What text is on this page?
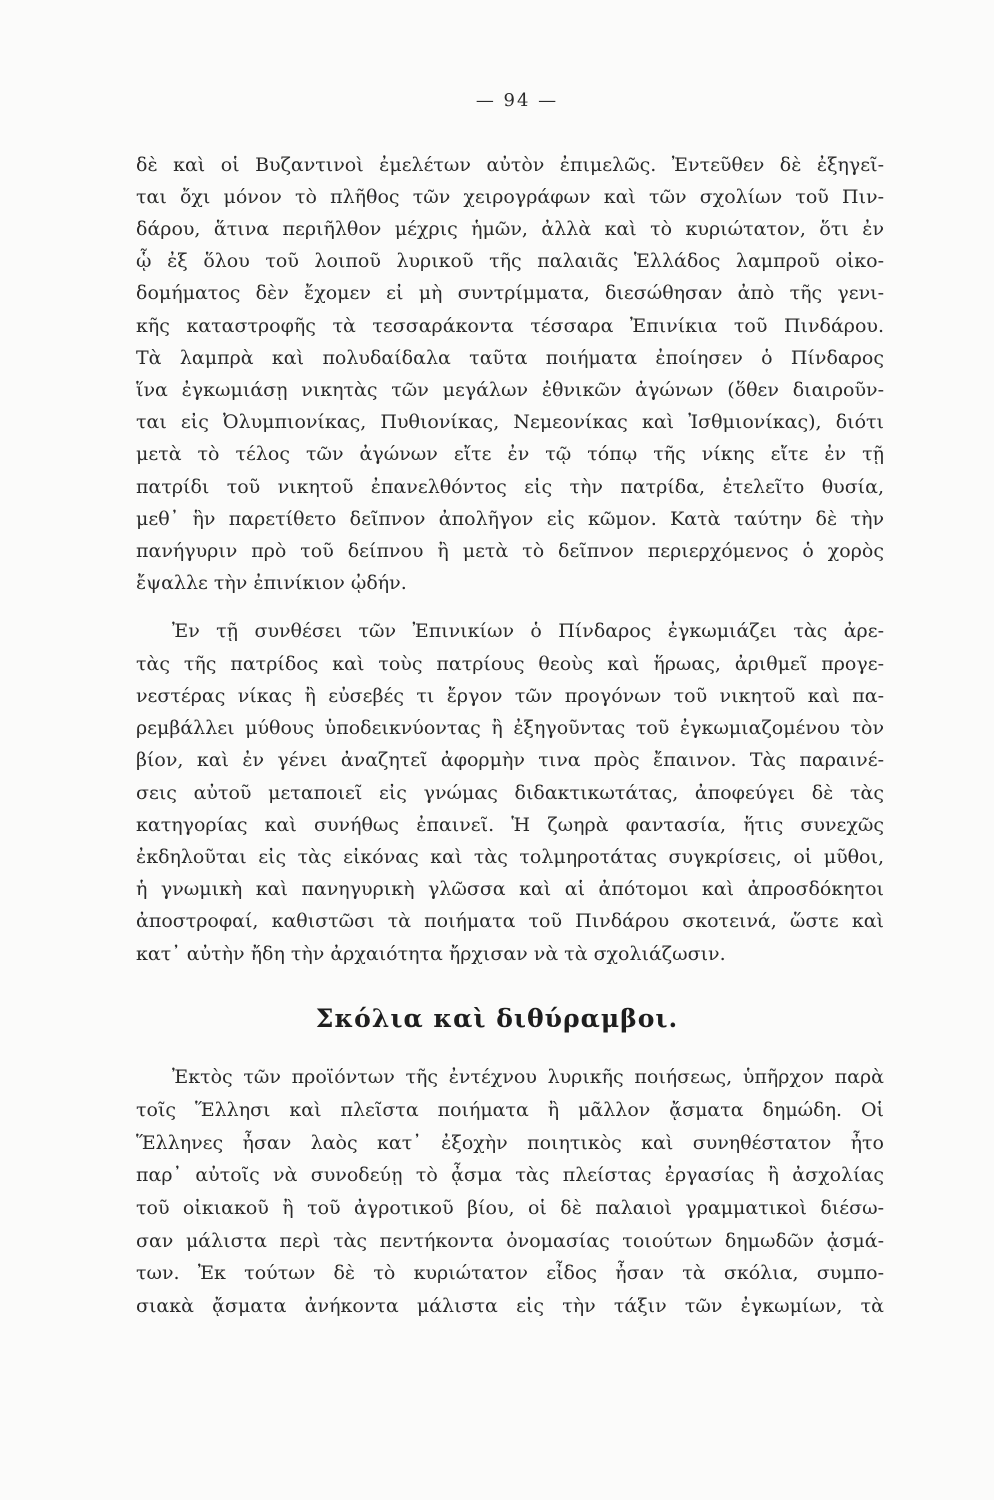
— 94 —
δὲ καὶ οἱ Βυζαντινοὶ ἐμελέτων αὐτὸν ἐπιμελῶς. Ἐντεῦθεν δὲ ἐξηγεῖ-
ται ὄχι μόνον τὸ πλῆθος τῶν χειρογράφων καὶ τῶν σχολίων τοῦ Πιν-
δάρου, ἅτινα περιῆλθον μέχρις ἡμῶν, ἀλλὰ καὶ τὸ κυριώτατον, ὅτι ἐν
ᾧ ἐξ ὅλου τοῦ λοιποῦ λυρικοῦ τῆς παλαιᾶς Ἑλλάδος λαμπροῦ οἰκο-
δομήματος δὲν ἔχομεν εἰ μὴ συντρίμματα, διεσώθησαν ἀπὸ τῆς γενι-
κῆς καταστροφῆς τὰ τεσσαράκοντα τέσσαρα Ἐπινίκια τοῦ Πινδάρου.
Τὰ λαμπρὰ καὶ πολυδαίδαλα ταῦτα ποιήματα ἐποίησεν ὁ Πίνδαρος
ἵνα ἐγκωμιάσῃ νικητὰς τῶν μεγάλων ἐθνικῶν ἀγώνων (ὅθεν διαιροῦν-
ται εἰς Ὀλυμπιονίκας, Πυθιονίκας, Νεμεονίκας καὶ Ἰσθμιονίκας), διότι
μετὰ τὸ τέλος τῶν ἀγώνων εἴτε ἐν τῷ τόπῳ τῆς νίκης εἴτε ἐν τῇ
πατρίδι τοῦ νικητοῦ ἐπανελθόντος εἰς τὴν πατρίδα, ἐτελεῖτο θυσία,
μεθ᾽ ἣν παρετίθετο δεῖπνον ἀπολῆγον εἰς κῶμον. Κατὰ ταύτην δὲ τὴν
πανήγυριν πρὸ τοῦ δείπνου ἢ μετὰ τὸ δεῖπνον περιερχόμενος ὁ χορὸς
ἔψαλλε τὴν ἐπινίκιον ᾠδήν.
Ἐν τῇ συνθέσει τῶν Ἐπινικίων ὁ Πίνδαρος ἐγκωμιάζει τὰς ἀρε-
τὰς τῆς πατρίδος καὶ τοὺς πατρίους θεοὺς καὶ ἥρωας, ἀριθμεῖ προγε-
νεστέρας νίκας ἢ εὐσεβές τι ἔργον τῶν προγόνων τοῦ νικητοῦ καὶ πα-
ρεμβάλλει μύθους ὑποδεικνύοντας ἢ ἐξηγοῦντας τοῦ ἐγκωμιαζομένου τὸν
βίον, καὶ ἐν γένει ἀναζητεῖ ἀφορμὴν τινα πρὸς ἔπαινον. Τὰς παραινέ-
σεις αὐτοῦ μεταποιεῖ εἰς γνώμας διδακτικωτάτας, ἀποφεύγει δὲ τὰς
κατηγορίας καὶ συνήθως ἐπαινεῖ. Ἡ ζωηρὰ φαντασία, ἥτις συνεχῶς
ἐκδηλοῦται εἰς τὰς εἰκόνας καὶ τὰς τολμηροτάτας συγκρίσεις, οἱ μῦθοι,
ἡ γνωμικὴ καὶ πανηγυρικὴ γλῶσσα καὶ αἱ ἀπότομοι καὶ ἀπροσδόκητοι
ἀποστροφαί, καθιστῶσι τὰ ποιήματα τοῦ Πινδάρου σκοτεινά, ὥστε καὶ
κατ᾽ αὐτὴν ἤδη τὴν ἀρχαιότητα ἤρχισαν νὰ τὰ σχολιάζωσιν.
Σκόλια καὶ διθύραμβοι.
Ἐκτὸς τῶν προϊόντων τῆς ἐντέχνου λυρικῆς ποιήσεως, ὑπῆρχον παρὰ
τοῖς Ἕλλησι καὶ πλεῖστα ποιήματα ἢ μᾶλλον ᾄσματα δημώδη. Οἱ
Ἕλληνες ἦσαν λαὸς κατ᾽ ἐξοχὴν ποιητικὸς καὶ συνηθέστατον ἦτο
παρ᾽ αὐτοῖς νὰ συνοδεύῃ τὸ ᾆσμα τὰς πλείστας ἐργασίας ἢ ἀσχολίας
τοῦ οἰκιακοῦ ἢ τοῦ ἀγροτικοῦ βίου, οἱ δὲ παλαιοὶ γραμματικοὶ διέσω-
σαν μάλιστα περὶ τὰς πεντήκοντα ὀνομασίας τοιούτων δημωδῶν ᾀσμά-
των. Ἐκ τούτων δὲ τὸ κυριώτατον εἶδος ἦσαν τὰ σκόλια, συμπο-
σιακὰ ᾄσματα ἀνήκοντα μάλιστα εἰς τὴν τάξιν τῶν ἐγκωμίων, τὰ
